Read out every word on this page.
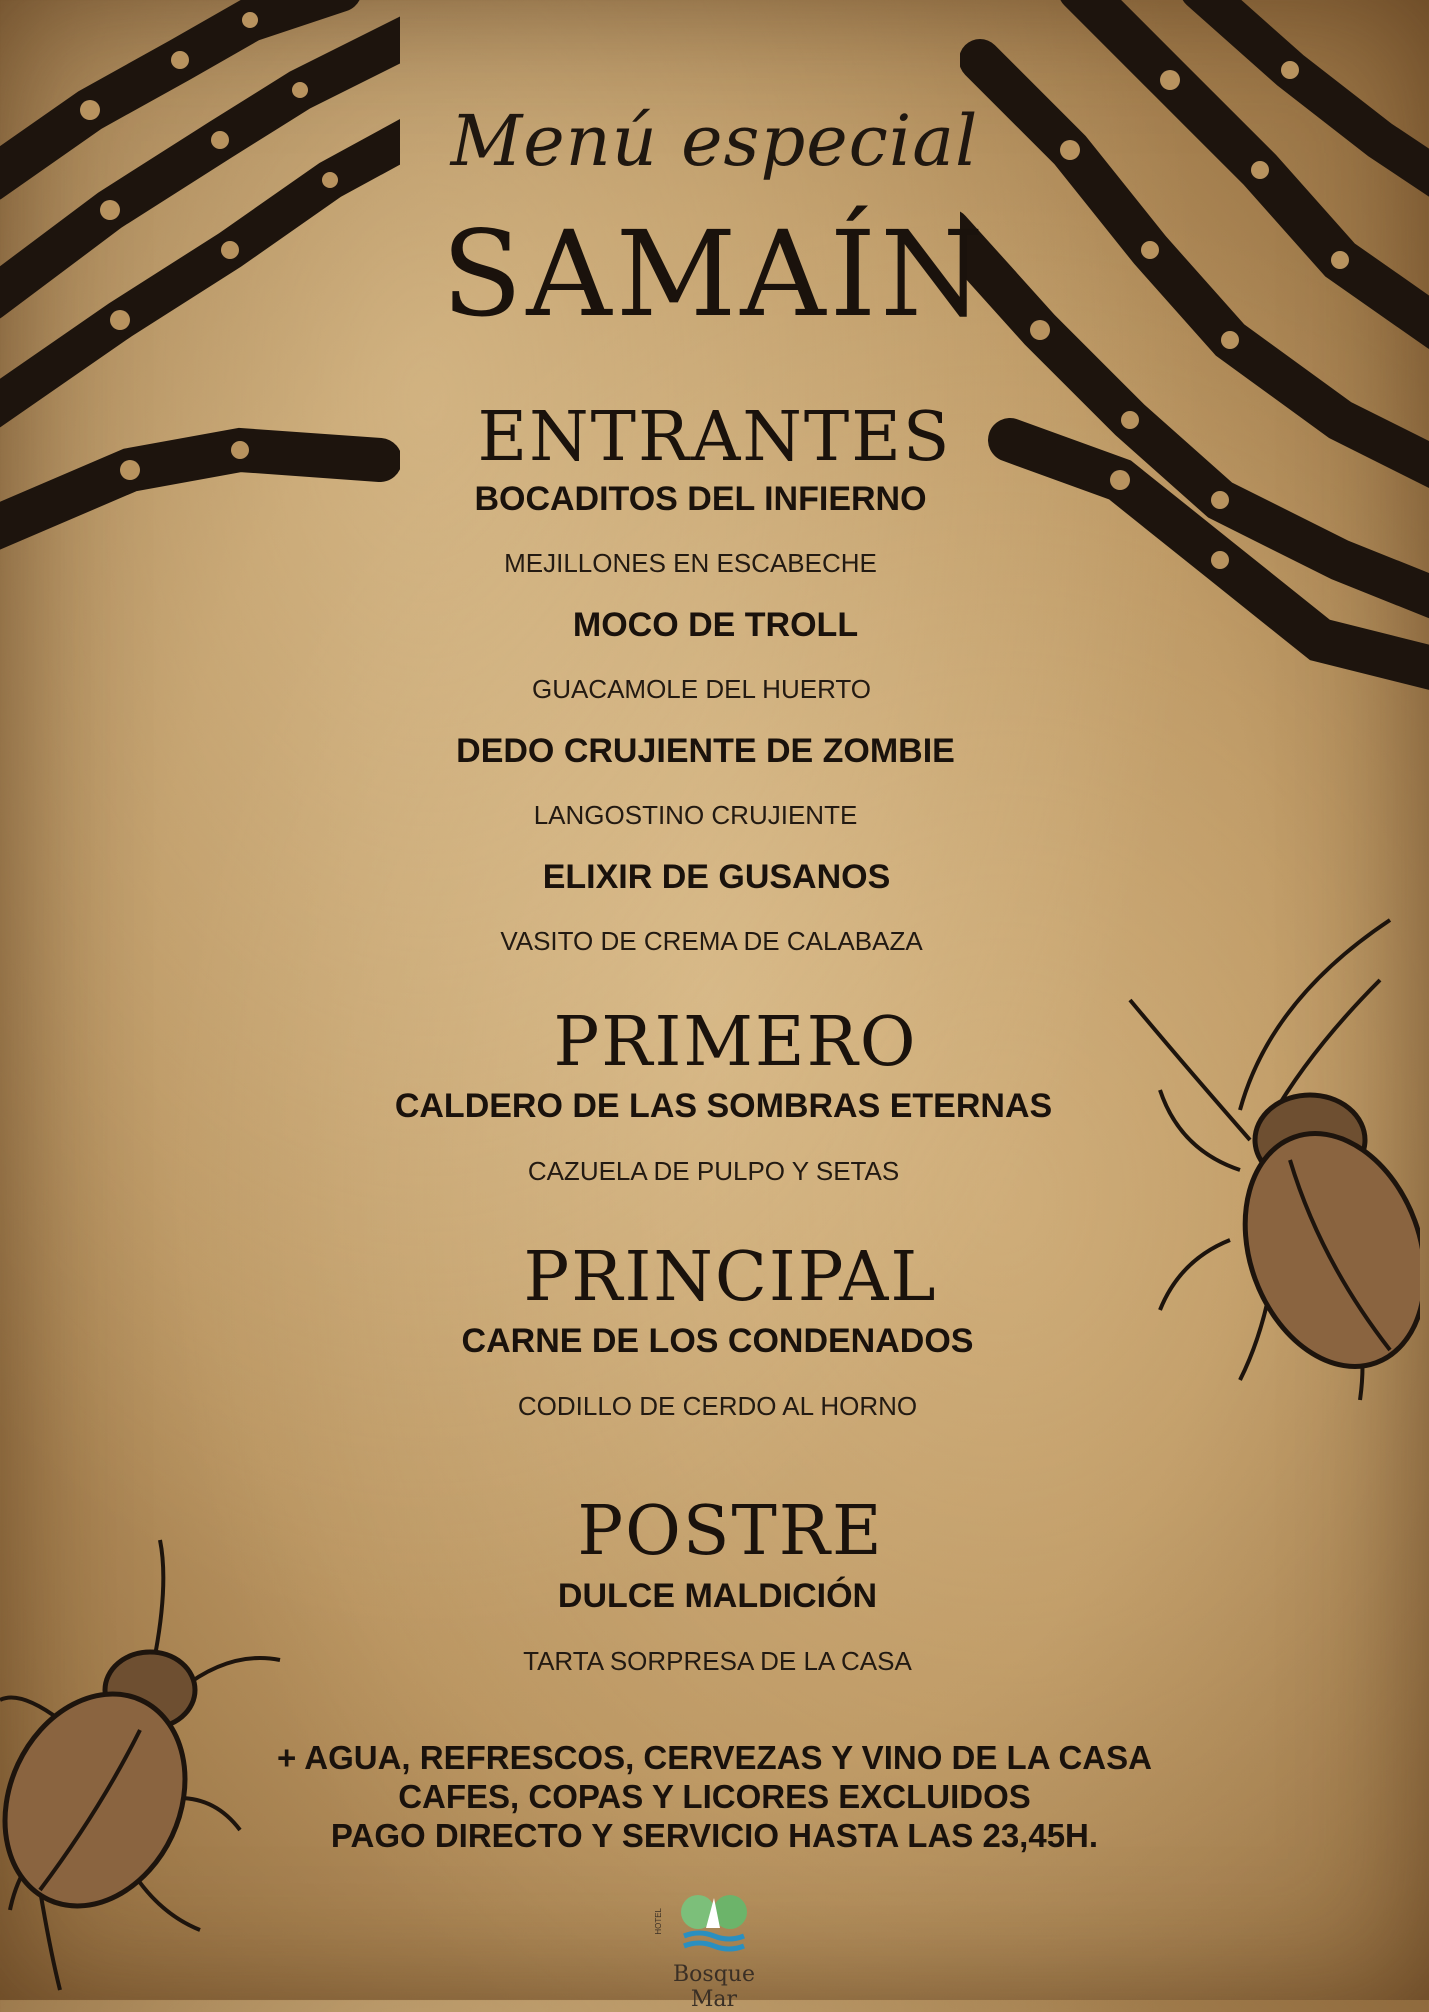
Menú especial
SAMAÍN
ENTRANTES
BOCADITOS DEL INFIERNO
MEJILLONES EN ESCABECHE
MOCO DE TROLL
GUACAMOLE DEL HUERTO
DEDO CRUJIENTE DE ZOMBIE
LANGOSTINO CRUJIENTE
ELIXIR DE GUSANOS
VASITO DE CREMA DE CALABAZA
PRIMERO
CALDERO DE LAS SOMBRAS ETERNAS
CAZUELA DE PULPO Y SETAS
PRINCIPAL
CARNE DE LOS CONDENADOS
CODILLO DE CERDO AL HORNO
POSTRE
DULCE MALDICIÓN
TARTA SORPRESA DE LA CASA
+ AGUA, REFRESCOS, CERVEZAS Y VINO DE LA CASA
CAFES, COPAS Y LICORES EXCLUIDOS
PAGO DIRECTO Y SERVICIO HASTA LAS 23,45H.
HOTEL
Bosque Mar
